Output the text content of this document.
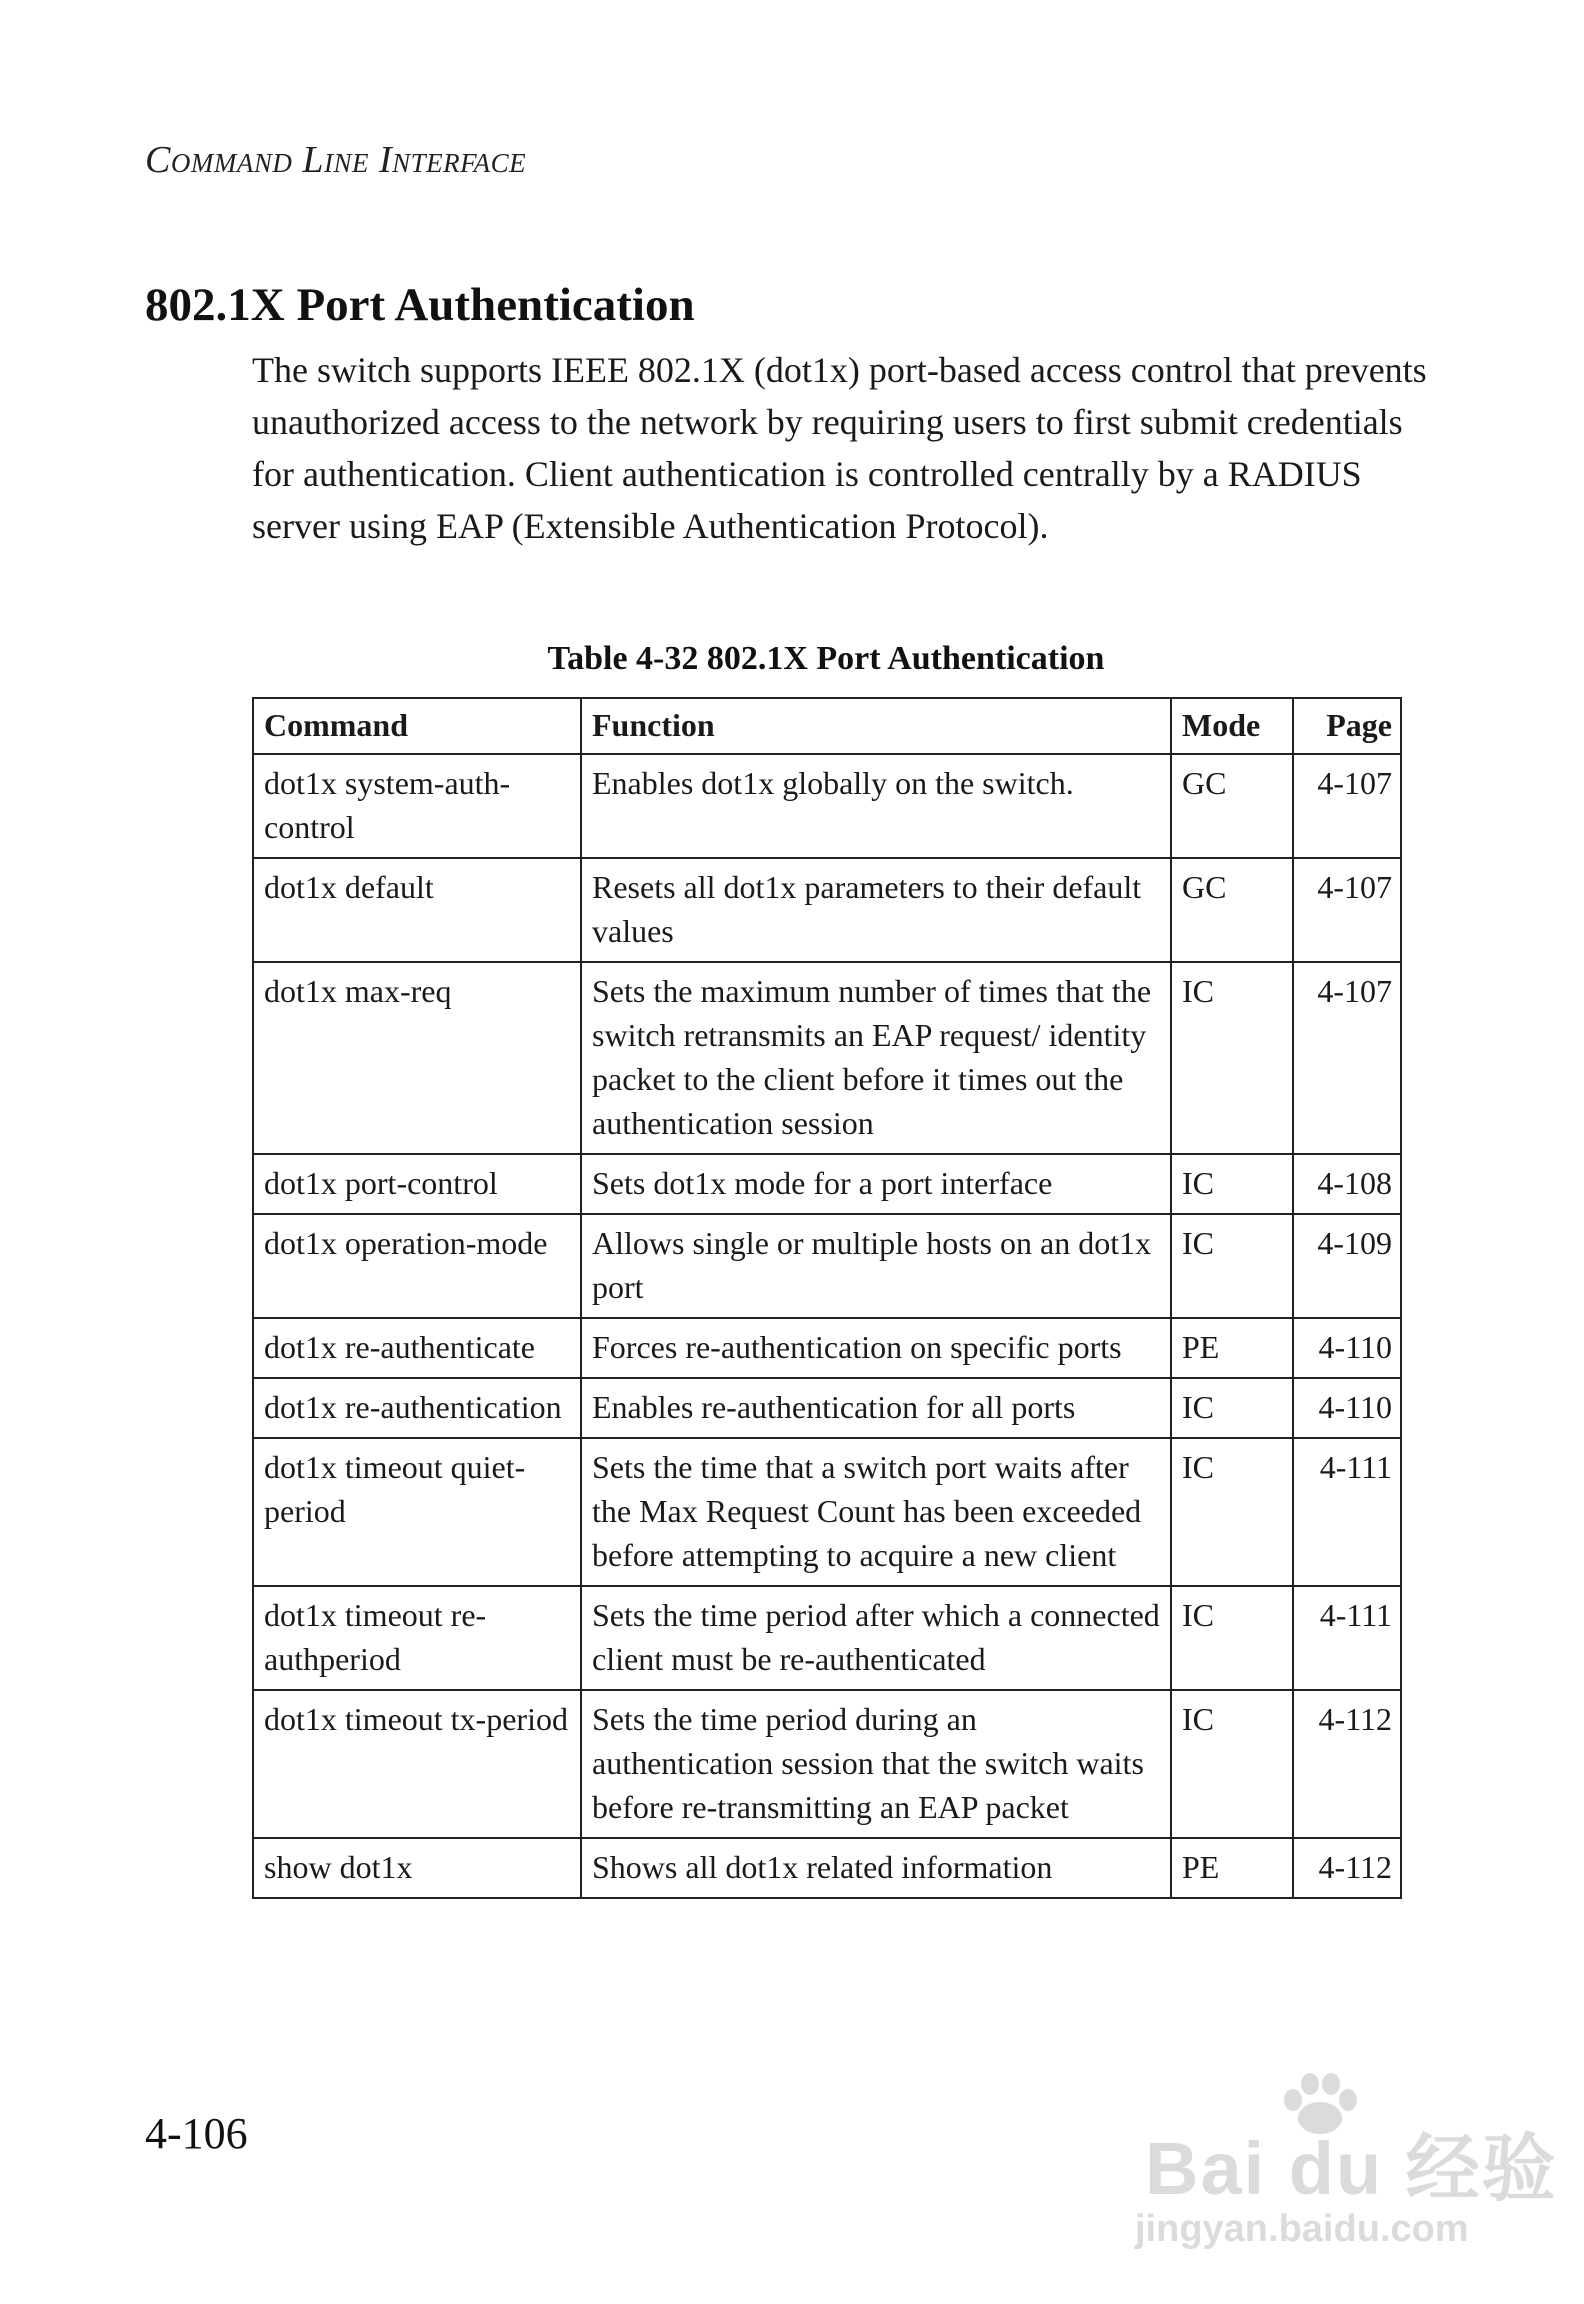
Command Line Interface
802.1X Port Authentication

The switch supports IEEE 802.1X (dot1x) port-based access control that prevents unauthorized access to the network by requiring users to first submit credentials for authentication. Client authentication is controlled centrally by a RADIUS server using EAP (Extensible Authentication Protocol).

Table 4-32 802.1X Port Authentication
Command	Function	Mode	Page
dot1x system-auth-control	Enables dot1x globally on the switch.	GC	4-107
dot1x default	Resets all dot1x parameters to their default values	GC	4-107
dot1x max-req	Sets the maximum number of times that the switch retransmits an EAP request/ identity packet to the client before it times out the authentication session	IC	4-107
dot1x port-control	Sets dot1x mode for a port interface	IC	4-108
dot1x operation-mode	Allows single or multiple hosts on an dot1x port	IC	4-109
dot1x re-authenticate	Forces re-authentication on specific ports	PE	4-110
dot1x re-authentication	Enables re-authentication for all ports	IC	4-110
dot1x timeout quiet-period	Sets the time that a switch port waits after the Max Request Count has been exceeded before attempting to acquire a new client	IC	4-111
dot1x timeout re-authperiod	Sets the time period after which a connected client must be re-authenticated	IC	4-111
dot1x timeout tx-period	Sets the time period during an authentication session that the switch waits before re-transmitting an EAP packet	IC	4-112
show dot1x	Shows all dot1x related information	PE	4-112
4-106	Bai du 经验
jingyan.baidu.com
